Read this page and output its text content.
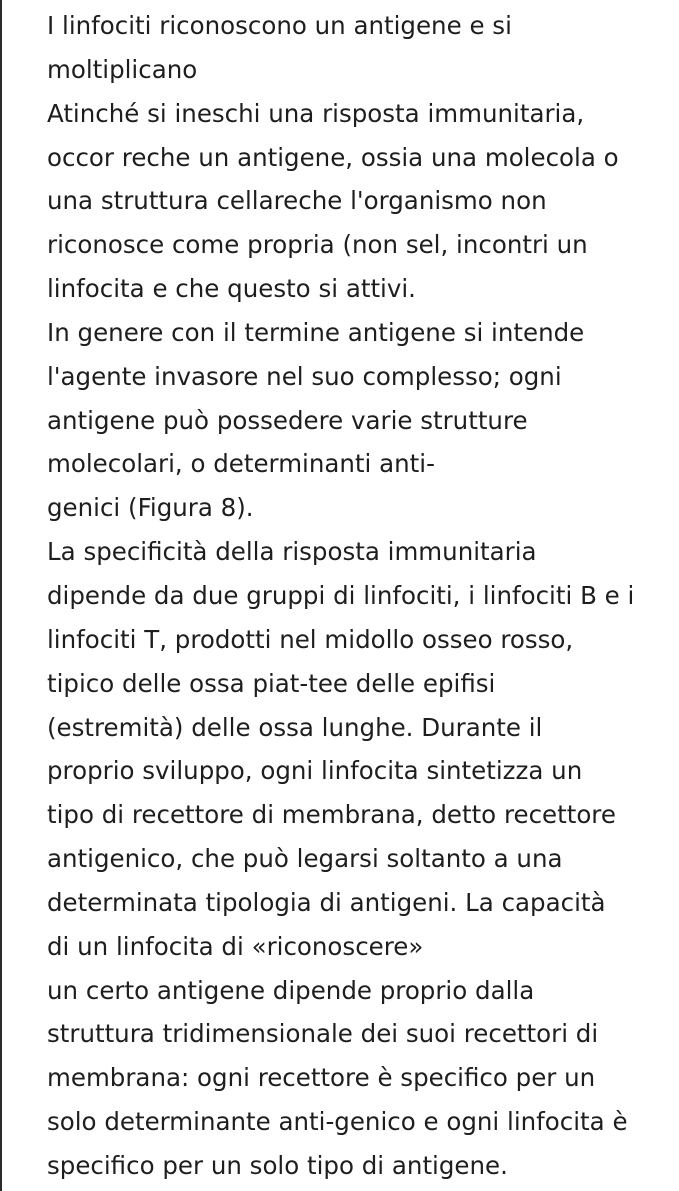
I linfociti riconoscono un antigene e si
moltiplicano
Atinché si ineschi una risposta immunitaria,
occor reche un antigene, ossia una molecola o
una struttura cellareche l'organismo non
riconosce come propria (non sel, incontri un
linfocita e che questo si attivi.
In genere con il termine antigene si intende
l'agente invasore nel suo complesso; ogni
antigene può possedere varie strutture
molecolari, o determinanti anti-
genici (Figura 8).
La specificità della risposta immunitaria
dipende da due gruppi di linfociti, i linfociti B e i
linfociti T, prodotti nel midollo osseo rosso,
tipico delle ossa piat-tee delle epifisi
(estremità) delle ossa lunghe. Durante il
proprio sviluppo, ogni linfocita sintetizza un
tipo di recettore di membrana, detto recettore
antigenico, che può legarsi soltanto a una
determinata tipologia di antigeni. La capacità
di un linfocita di «riconoscere»
un certo antigene dipende proprio dalla
struttura tridimensionale dei suoi recettori di
membrana: ogni recettore è specifico per un
solo determinante anti-genico e ogni linfocita è
specifico per un solo tipo di antigene.
